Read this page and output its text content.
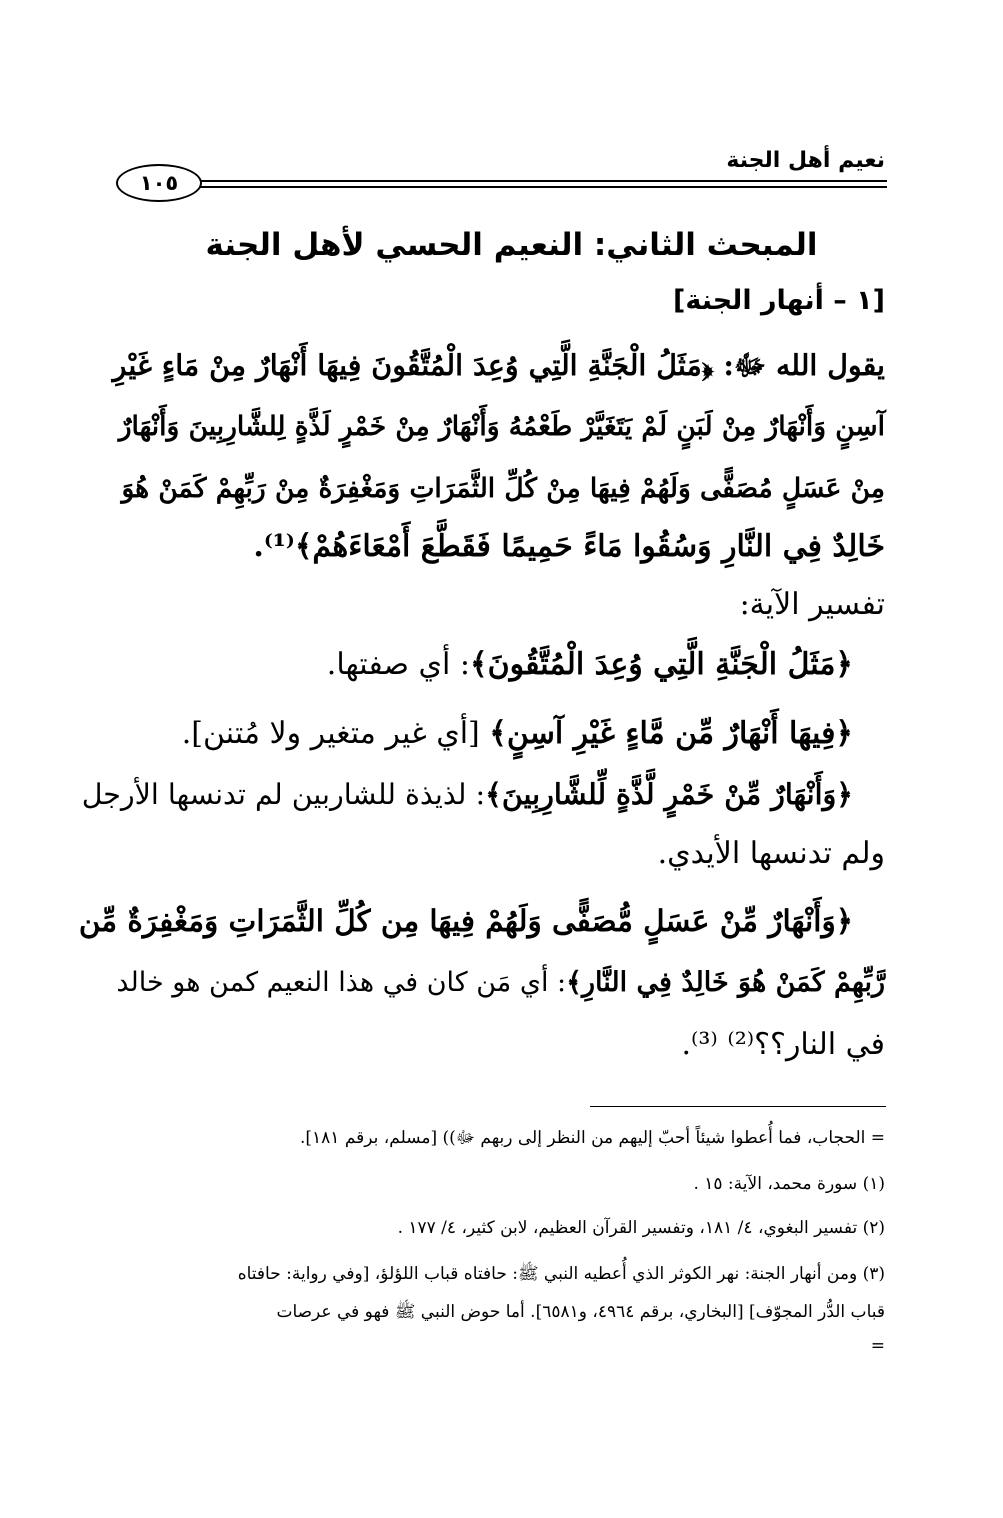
نعيم أهل الجنة
١٠٥
المبحث الثاني: النعيم الحسي لأهل الجنة
[١ – أنهار الجنة]
يقول الله ﷻ: ﴿مَثَلُ الْجَنَّةِ الَّتِي وُعِدَ الْمُتَّقُونَ فِيهَا أَنْهَارٌ مِنْ مَاءٍ غَيْرِ
آسِنٍ وَأَنْهَارٌ مِنْ لَبَنٍ لَمْ يَتَغَيَّرْ طَعْمُهُ وَأَنْهَارٌ مِنْ خَمْرٍ لَذَّةٍ لِلشَّارِبِينَ وَأَنْهَارٌ
مِنْ عَسَلٍ مُصَفًّى وَلَهُمْ فِيهَا مِنْ كُلِّ الثَّمَرَاتِ وَمَغْفِرَةٌ مِنْ رَبِّهِمْ كَمَنْ هُوَ
خَالِدٌ فِي النَّارِ وَسُقُوا مَاءً حَمِيمًا فَقَطَّعَ أَمْعَاءَهُمْ﴾⁽¹⁾.
تفسير الآية:
﴿مَثَلُ الْجَنَّةِ الَّتِي وُعِدَ الْمُتَّقُونَ﴾: أي صفتها.
﴿فِيهَا أَنْهَارٌ مِّن مَّاءٍ غَيْرِ آسِنٍ﴾ [أي غير متغير ولا مُتنن].
﴿وَأَنْهَارٌ مِّنْ خَمْرٍ لَّذَّةٍ لِّلشَّارِبِينَ﴾: لذيذة للشاربين لم تدنسها الأرجل
ولم تدنسها الأيدي.
﴿وَأَنْهَارٌ مِّنْ عَسَلٍ مُّصَفًّى وَلَهُمْ فِيهَا مِن كُلِّ الثَّمَرَاتِ وَمَغْفِرَةٌ مِّن
رَّبِّهِمْ كَمَنْ هُوَ خَالِدٌ فِي النَّارِ﴾: أي مَن كان في هذا النعيم كمن هو خالد
في النار؟؟⁽²⁾ ⁽³⁾.
= الحجاب، فما أُعطوا شيئاً أحبّ إليهم من النظر إلى ربهم ﷻ)) [مسلم، برقم ١٨١].
(١) سورة محمد، الآية: ١٥ .
(٢) تفسير البغوي، ٤/ ١٨١، وتفسير القرآن العظيم، لابن كثير، ٤/ ١٧٧ .
(٣) ومن أنهار الجنة: نهر الكوثر الذي أُعطيه النبي ﷺ: حافتاه قباب اللؤلؤ، [وفي رواية: حافتاه
قباب الدُّر المجوّف] [البخاري، برقم ٤٩٦٤، و٦٥٨١]. أما حوض النبي ﷺ فهو في عرصات
=
